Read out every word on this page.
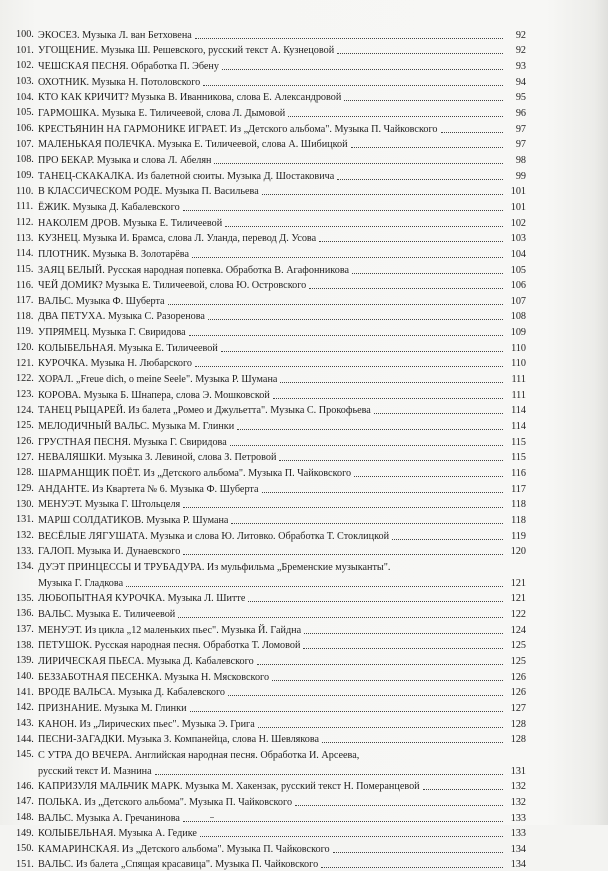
100. ЭКОСЕЗ. Музыка Л. ван Бетховена	92
101. УГОЩЕНИЕ. Музыка Ш. Решевского, русский текст А. Кузнецовой	92
102. ЧЕШСКАЯ ПЕСНЯ. Обработка П. Эбену	93
103. ОХОТНИК. Музыка Н. Потоловского	94
104. КТО КАК КРИЧИТ? Музыка В. Иванникова, слова Е. Александровой	95
105. ГАРМОШКА. Музыка Е. Тиличеевой, слова Л. Дымовой	96
106. КРЕСТЬЯНИН НА ГАРМОНИКЕ ИГРАЕТ. Из „Детского альбома". Музыка П. Чайковского	97
107. МАЛЕНЬКАЯ ПОЛЕЧКА. Музыка Е. Тиличеевой, слова А. Шибицкой	97
108. ПРО БЕКАР. Музыка и слова Л. Абелян	98
109. ТАНЕЦ-СКАКАЛКА. Из балетной сюиты. Музыка Д. Шостаковича	99
110. В КЛАССИЧЕСКОМ РОДЕ. Музыка П. Васильева	101
111. ЁЖИК. Музыка Д. Кабалевского	101
112. НАКОЛЕМ ДРОВ. Музыка Е. Тиличеевой	102
113. КУЗНЕЦ. Музыка И. Брамса, слова Л. Уланда, перевод Д. Усова	103
114. ПЛОТНИК. Музыка В. Золотарёва	104
115. ЗАЯЦ БЕЛЫЙ. Русская народная попевка. Обработка В. Агафонникова	105
116. ЧЕЙ ДОМИК? Музыка Е. Тиличеевой, слова Ю. Островского	106
117. ВАЛЬС. Музыка Ф. Шуберта	107
118. ДВА ПЕТУХА. Музыка С. Разоренова	108
119. УПРЯМЕЦ. Музыка Г. Свиридова	109
120. КОЛЫБЕЛЬНАЯ. Музыка Е. Тиличеевой	110
121. КУРОЧКА. Музыка Н. Любарского	110
122. ХОРАЛ. „Freue dich, o meine Seele". Музыка Р. Шумана	111
123. КОРОВА. Музыка Б. Шнапера, слова Э. Мошковской	111
124. ТАНЕЦ РЫЦАРЕЙ. Из балета „Ромео и Джульетта". Музыка С. Прокофьева	114
125. МЕЛОДИЧНЫЙ ВАЛЬС. Музыка М. Глинки	114
126. ГРУСТНАЯ ПЕСНЯ. Музыка Г. Свиридова	115
127. НЕВАЛЯШКИ. Музыка З. Левиной, слова З. Петровой	115
128. ШАРМАНЩИК ПОЁТ. Из „Детского альбома". Музыка П. Чайковского	116
129. АНДАНТЕ. Из Квартета № 6. Музыка Ф. Шуберта	117
130. МЕНУЭТ. Музыка Г. Штольцеля	118
131. МАРШ СОЛДАТИКОВ. Музыка Р. Шумана	118
132. ВЕСЁЛЫЕ ЛЯГУШАТА. Музыка и слова Ю. Литовко. Обработка Т. Стоклицкой	119
133. ГАЛОП. Музыка И. Дунаевского	120
134. ДУЭТ ПРИНЦЕССЫ И ТРУБАДУРА. Из мульфильма „Бременские музыканты".
Музыка Г. Гладкова	121
135. ЛЮБОПЫТНАЯ КУРОЧКА. Музыка Л. Шитте	121
136. ВАЛЬС. Музыка Е. Тиличеевой	122
137. МЕНУЭТ. Из цикла „12 маленьких пьес". Музыка Й. Гайдна	124
138. ПЕТУШОК. Русская народная песня. Обработка Т. Ломовой	125
139. ЛИРИЧЕСКАЯ ПЬЕСА. Музыка Д. Кабалевского	125
140. БЕЗЗАБОТНАЯ ПЕСЕНКА. Музыка Н. Мясковского	126
141. ВРОДЕ ВАЛЬСА. Музыка Д. Кабалевского	126
142. ПРИЗНАНИЕ. Музыка М. Глинки	127
143. КАНОН. Из „Лирических пьес". Музыка Э. Грига	128
144. ПЕСНИ-ЗАГАДКИ. Музыка З. Компанейца, слова Н. Шевлякова	128
145. С УТРА ДО ВЕЧЕРА. Английская народная песня. Обработка И. Арсеева,
русский текст И. Мазнина	131
146. КАПРИЗУЛЯ МАЛЬЧИК МАРК. Музыка М. Хакензак, русский текст Н. Померанцевой	132
147. ПОЛЬКА. Из „Детского альбома". Музыка П. Чайковского	132
148. ВАЛЬС. Музыка А. Гречанинова	133
149. КОЛЫБЕЛЬНАЯ. Музыка А. Гедике	133
150. КАМАРИНСКАЯ. Из „Детского альбома". Музыка П. Чайковского	134
151. ВАЛЬС. Из балета „Спящая красавица". Музыка П. Чайковского	134
